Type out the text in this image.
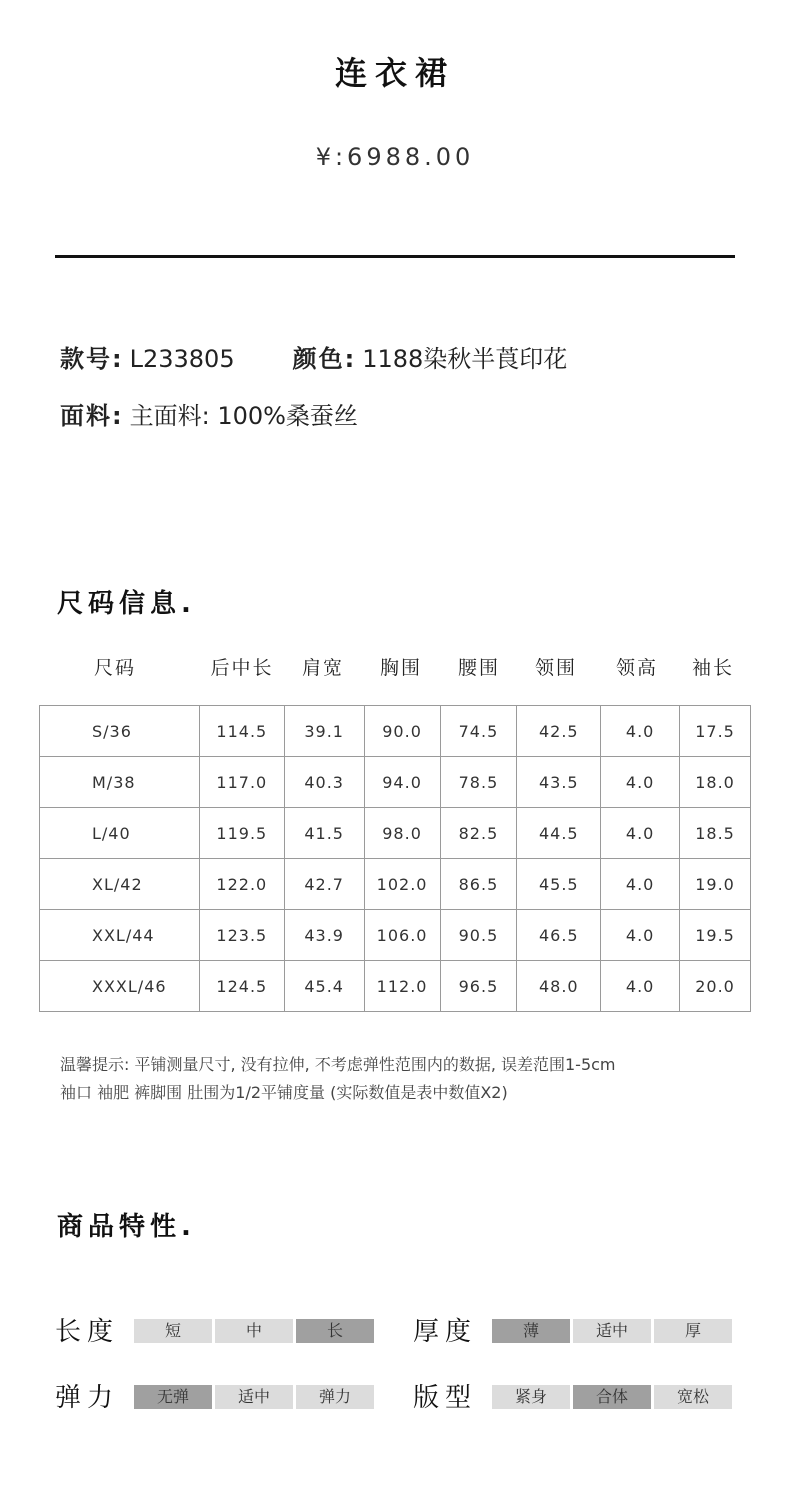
连衣裙
¥:6988.00
款号: L233805 颜色: 1188染秋半莨印花
面料: 主面料: 100%桑蚕丝
尺码信息.
尺码	后中长	肩宽	胸围	腰围	领围	领高	袖长
S/36	114.5	39.1	90.0	74.5	42.5	4.0	17.5
M/38	117.0	40.3	94.0	78.5	43.5	4.0	18.0
L/40	119.5	41.5	98.0	82.5	44.5	4.0	18.5
XL/42	122.0	42.7	102.0	86.5	45.5	4.0	19.0
XXL/44	123.5	43.9	106.0	90.5	46.5	4.0	19.5
XXXL/46	124.5	45.4	112.0	96.5	48.0	4.0	20.0
温馨提示: 平铺测量尺寸, 没有拉伸, 不考虑弹性范围内的数据, 误差范围1-5cm
袖口 袖肥 裤脚围 肚围为1/2平铺度量 (实际数值是表中数值X2)
商品特性.
长度	短	中	长	厚度	薄	适中	厚
弹力	无弹	适中	弹力	版型	紧身	合体	宽松
